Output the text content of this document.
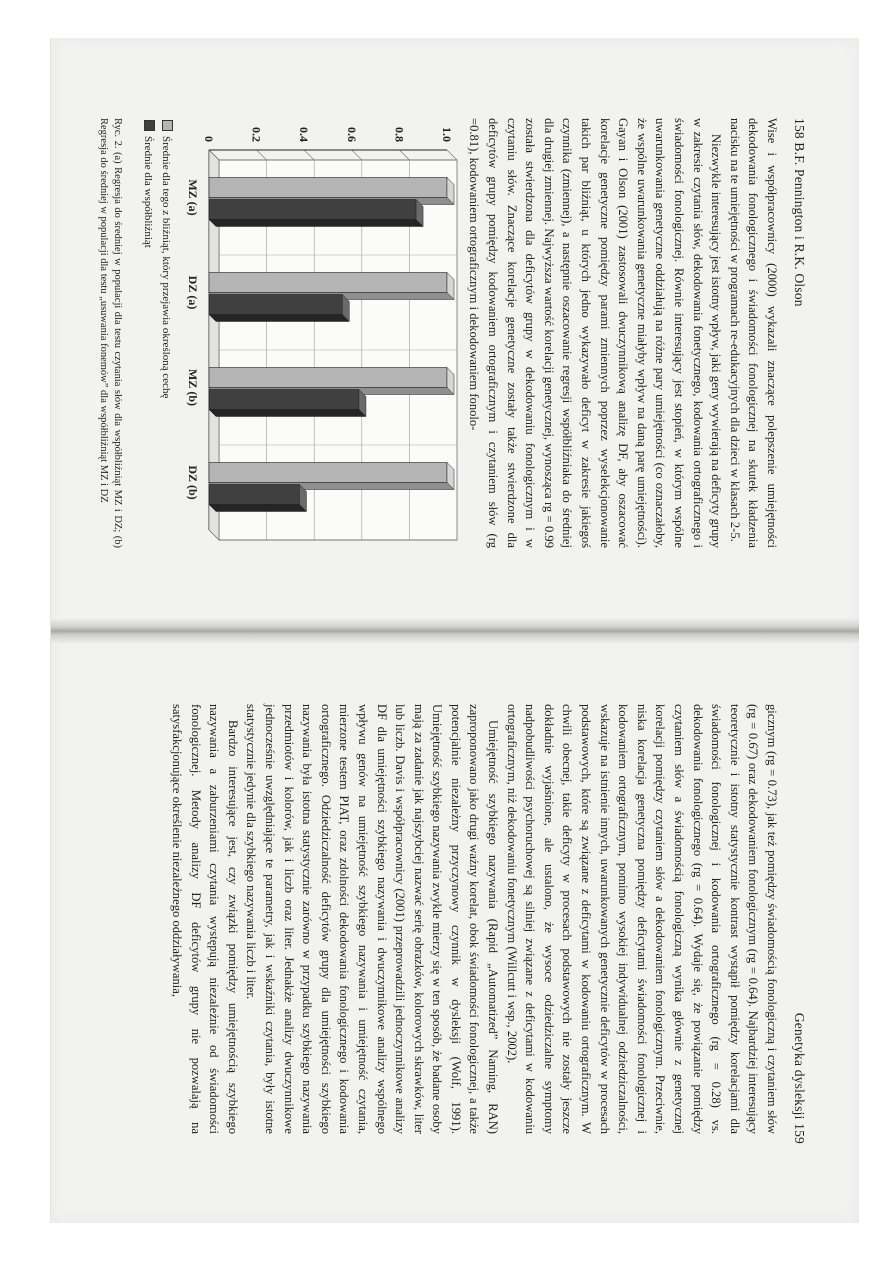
158 B.F. Pennington i R.K. Olson

Wise i współpracownicy (2000) wykazali znaczące polepszenie umiejętności dekodowania fonologicznego i świadomości fonologicznej na skutek kładzenia nacisku na te umiejętności w programach re-edukacyjnych dla dzieci w klasach 2-5.

Niezwykle interesujący jest istotny wpływ, jaki geny wywierają na deficyty grupy w zakresie czytania słów, dekodowania fonetycznego, kodowania ortograficznego i świadomości fonologicznej. Równie interesujący jest stopień, w którym wspólne uwarunkowania genetyczne oddziałują na różne pary umiejętności (co oznaczałoby, że wspólne uwarunkowania genetyczne miałyby wpływ na daną parę umiejętności). Gayan i Olson (2001) zastosowali dwuczynnikową analizę DF, aby oszacować korelacje genetyczne pomiędzy parami zmiennych poprzez wyselekcjonowanie takich par bliźniąt, u których jedno wykazywało deficyt w zakresie jakiegoś czynnika (zmiennej), a następnie oszacowanie regresji współbliźniaka do średniej dla drugiej zmiennej. Najwyższa wartość korelacji genetycznej, wynosząca rg = 0.99 została stwierdzona dla deficytów grupy w dekodowaniu fonologicznym i w czytaniu słów. Znaczące korelacje genetyczne zostały także stwierdzone dla deficytów grupy pomiędzy kodowaniem ortograficznym i czytaniem słów (rg =0.81), kodowaniem ortograficznym i dekodowaniem fonolo-

0	0.2	0.4	0.6	0.8	1.0
MZ (a)
DZ (a)
MZ (b)
DZ (b)
Średnie dla tego z bliźniąt, który przejawia określoną cechę
Średnie dla współbliźniąt
Ryc. 2. (a) Regresja do średniej w populacji dla testu czytania słów dla współbliźniąt MZ i DZ; (b) Regresja do średniej w populacji dla testu „usuwania fonemów” dla współbliźniąt MZ i DZ
Genetyka dysleksji 159

gicznym (rg = 0.73), jak też pomiędzy świadomością fonologiczną i czytaniem słów (rg = 0.67) oraz dekodowaniem fonologicznym (rg = 0.64). Najbardziej interesujący teoretycznie i istotny statystycznie kontrast wystąpił pomiędzy korelacjami dla świadomości fonologicznej i kodowania ortograficznego (rg = 0.28) vs. dekodowania fonologicznego (rg = 0.64). Wydaje się, że powiązanie pomiędzy czytaniem słów a świadomością fonologiczną wynika głównie z genetycznej korelacji pomiędzy czytaniem słów a dekodowaniem fonologicznym. Przeciwnie, niska korelacja genetyczna pomiędzy deficytami świadomości fonologicznej i kodowaniem ortograficznym, pomimo wysokiej indywidualnej odziedziczalności, wskazuje na istnienie innych, uwarunkowanych genetycznie deficytów w procesach podstawowych, które są związane z deficytami w kodowaniu ortograficznym. W chwili obecnej, takie deficyty w procesach podstawowych nie zostały jeszcze dokładnie wyjaśnione, ale ustalono, że wysoce odziedziczalne symptomy nadpobudliwości psychoruchowej są silniej związane z deficytami w kodowaniu ortograficznym, niż dekodowaniu fonetycznym (Willcutt i wsp., 2002).

Umiejętność szybkiego nazywania (Rapid „Automatized” Naming, RAN) zaproponowano jako drugi ważny korelat, obok świadomości fonologicznej, a także potencjalnie niezależny przyczynowy czynnik w dysleksji (Wolf, 1991). Umiejętność szybkiego nazywania zwykle mierzy się w ten sposób, że badane osoby mają za zadanie jak najszybciej nazwać serię obrazków, kolorowych skrawków, liter lub liczb. Davis i współpracownicy (2001) przeprowadzili jednoczynnikowe analizy DF dla umiejętności szybkiego nazywania i dwuczynnikowe analizy wspólnego wpływu genów na umiejętność szybkiego nazywania i umiejętność czytania, mierzone testem PIAT, oraz zdolności dekodowania fonologicznego i kodowania ortograficznego. Odziedziczalność deficytów grupy dla umiejętności szybkiego nazywania była istotna statystycznie zarówno w przypadku szybkiego nazywania przedmiotów i kolorów, jak i liczb oraz liter. Jednakże analizy dwuczynnikowe jednocześnie uwzględniające te parametry, jak i wskaźniki czytania, były istotne statystycznie jedynie dla szybkiego nazywania liczb i liter.

Bardzo interesujące jest, czy związki pomiędzy umiejętnością szybkiego nazywania a zaburzeniami czytania występują niezależnie od świadomości fonologicznej. Metody analizy DF deficytów grupy nie pozwalają na satysfakcjonujące określenie niezależnego oddziaływania,
